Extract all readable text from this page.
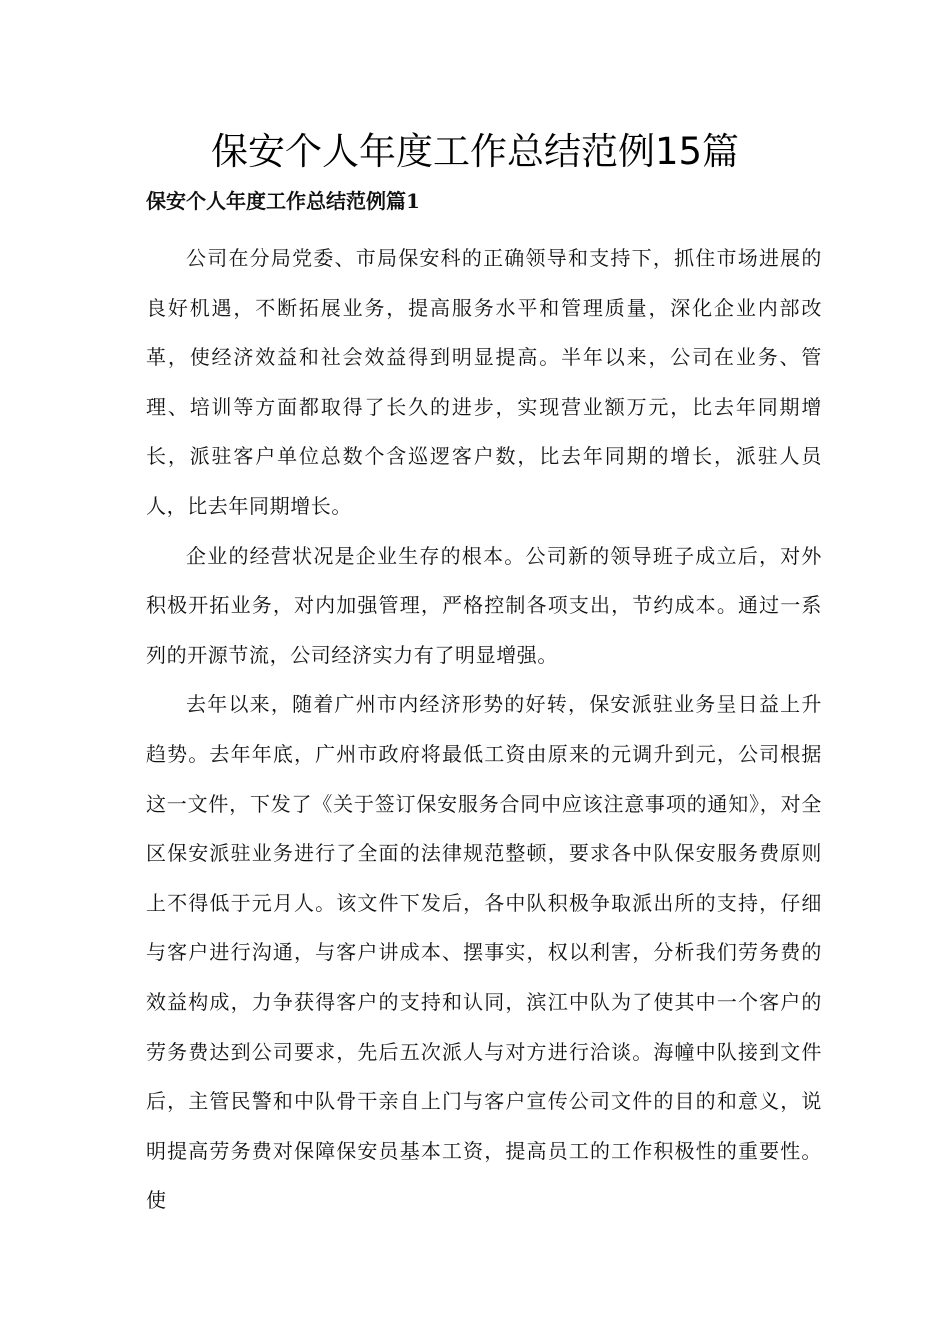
保安个人年度工作总结范例15篇
保安个人年度工作总结范例篇1

公司在分局党委、市局保安科的正确领导和支持下，抓住市场进展的良好机遇，不断拓展业务，提高服务水平和管理质量，深化企业内部改革，使经济效益和社会效益得到明显提高。半年以来，公司在业务、管理、培训等方面都取得了长久的进步，实现营业额万元，比去年同期增长，派驻客户单位总数个含巡逻客户数，比去年同期的增长，派驻人员人，比去年同期增长。

企业的经营状况是企业生存的根本。公司新的领导班子成立后，对外积极开拓业务，对内加强管理，严格控制各项支出，节约成本。通过一系列的开源节流，公司经济实力有了明显增强。

去年以来，随着广州市内经济形势的好转，保安派驻业务呈日益上升趋势。去年年底，广州市政府将最低工资由原来的元调升到元，公司根据这一文件，下发了《关于签订保安服务合同中应该注意事项的通知》，对全区保安派驻业务进行了全面的法律规范整顿，要求各中队保安服务费原则上不得低于元月人。该文件下发后，各中队积极争取派出所的支持，仔细与客户进行沟通，与客户讲成本、摆事实，权以利害，分析我们劳务费的效益构成，力争获得客户的支持和认同，滨江中队为了使其中一个客户的劳务费达到公司要求，先后五次派人与对方进行洽谈。海幢中队接到文件后，主管民警和中队骨干亲自上门与客户宣传公司文件的目的和意义，说明提高劳务费对保障保安员基本工资，提高员工的工作积极性的重要性。使
